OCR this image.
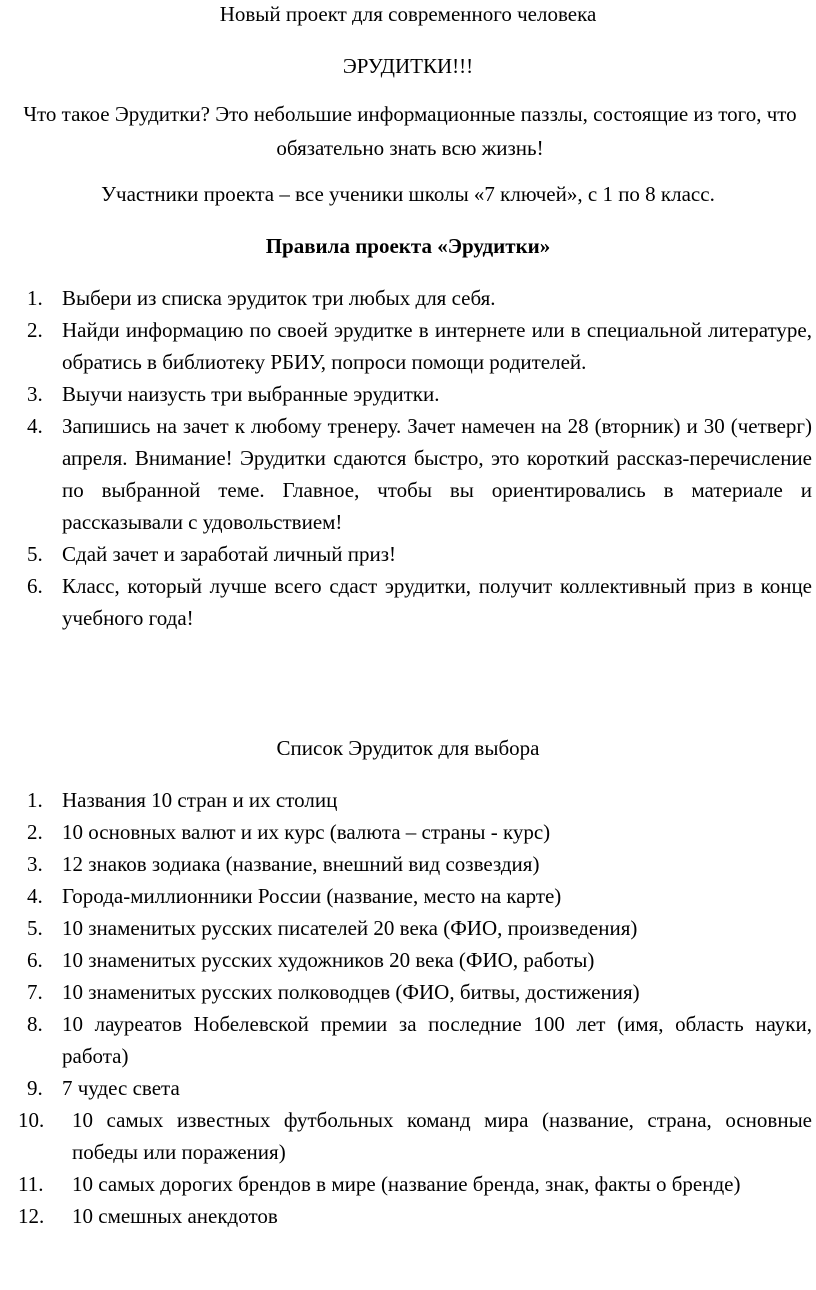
Новый проект для современного человека

ЭРУДИТКИ!!!

Что такое Эрудитки? Это небольшие информационные паззлы, состоящие из того, что обязательно знать всю жизнь!

Участники проекта – все ученики школы «7 ключей», с 1 по 8 класс.

Правила проекта «Эрудитки»

1. Выбери из списка эрудиток три любых для себя.
2. Найди информацию по своей эрудитке в интернете или в специальной литературе, обратись в библиотеку РБИУ, попроси помощи родителей.
3. Выучи наизусть три выбранные эрудитки.
4. Запишись на зачет к любому тренеру. Зачет намечен на 28 (вторник) и 30 (четверг) апреля. Внимание! Эрудитки сдаются быстро, это короткий рассказ-перечисление по выбранной теме. Главное, чтобы вы ориентировались в материале и рассказывали с удовольствием!
5. Сдай зачет и заработай личный приз!
6. Класс, который лучше всего сдаст эрудитки, получит коллективный приз в конце учебного года!

Список Эрудиток для выбора

1. Названия 10 стран и их столиц
2. 10 основных валют и их курс (валюта – страны - курс)
3. 12 знаков зодиака (название, внешний вид созвездия)
4. Города-миллионники России (название, место на карте)
5. 10 знаменитых русских писателей 20 века (ФИО, произведения)
6. 10 знаменитых русских художников 20 века (ФИО, работы)
7. 10 знаменитых русских полководцев (ФИО, битвы, достижения)
8. 10 лауреатов Нобелевской премии за последние 100 лет (имя, область науки, работа)
9. 7 чудес света
10.	10 самых известных футбольных команд мира (название, страна, основные победы или поражения)
11.	10 самых дорогих брендов в мире (название бренда, знак, факты о бренде)
12.	10 смешных анекдотов
